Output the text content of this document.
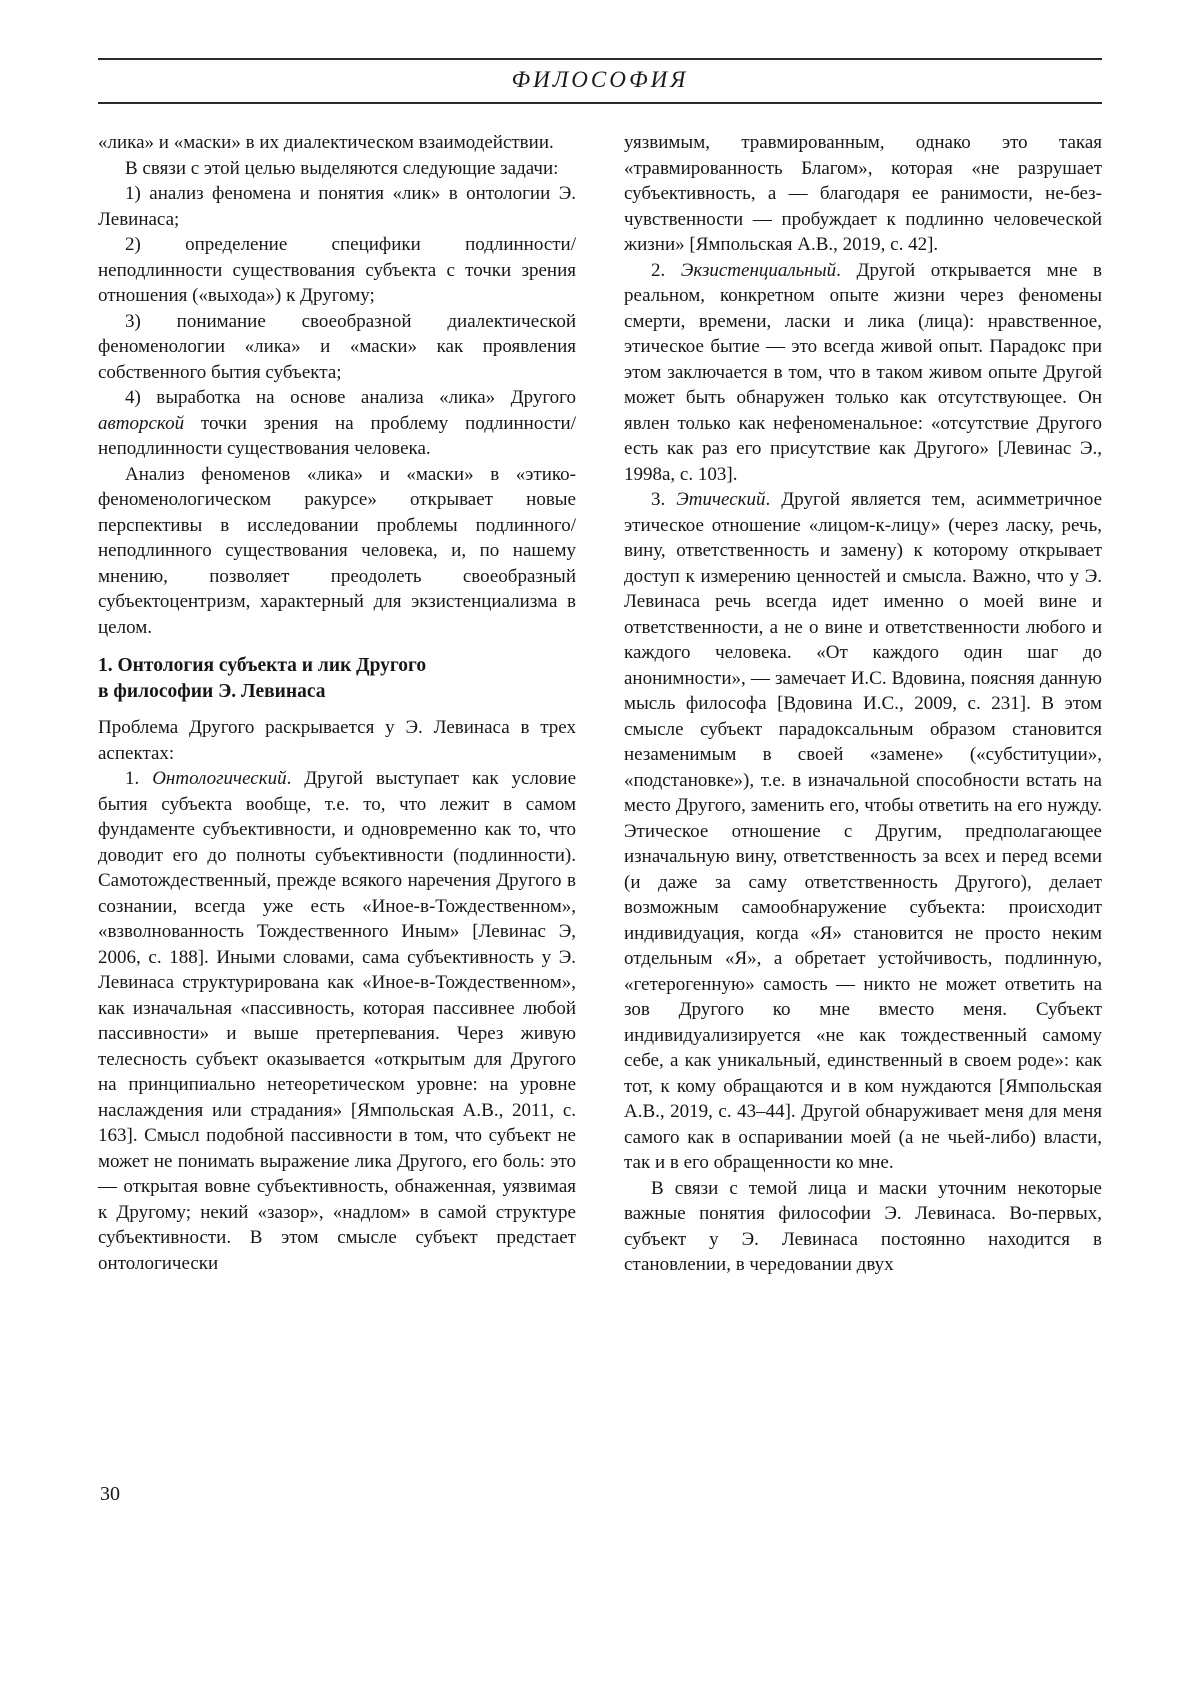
ФИЛОСОФИЯ

«лика» и «маски» в их диалектическом взаимодействии.

В связи с этой целью выделяются следующие задачи:

1) анализ феномена и понятия «лик» в онтологии Э. Левинаса;

2) определение специфики подлинности/неподлинности существования субъекта с точки зрения отношения («выхода») к Другому;

3) понимание своеобразной диалектической феноменологии «лика» и «маски» как проявления собственного бытия субъекта;

4) выработка на основе анализа «лика» Другого авторской точки зрения на проблему подлинности/неподлинности существования человека.

Анализ феноменов «лика» и «маски» в «этико-феноменологическом ракурсе» открывает новые перспективы в исследовании проблемы подлинного/неподлинного существования человека, и, по нашему мнению, позволяет преодолеть своеобразный субъектоцентризм, характерный для экзистенциализма в целом.

1. Онтология субъекта и лик Другого
в философии Э. Левинаса

Проблема Другого раскрывается у Э. Левинаса в трех аспектах:

1. Онтологический. Другой выступает как условие бытия субъекта вообще, т.е. то, что лежит в самом фундаменте субъективности, и одновременно как то, что доводит его до полноты субъективности (подлинности). Самотождественный, прежде всякого наречения Другого в сознании, всегда уже есть «Иное-в-Тождественном», «взволнованность Тождественного Иным» [Левинас Э, 2006, с. 188]. Иными словами, сама субъективность у Э. Левинаса структурирована как «Иное-в-Тождественном», как изначальная «пассивность, которая пассивнее любой пассивности» и выше претерпевания. Через живую телесность субъект оказывается «открытым для Другого на принципиально нетеоретическом уровне: на уровне наслаждения или страдания» [Ямпольская А.В., 2011, с. 163]. Смысл подобной пассивности в том, что субъект не может не понимать выражение лика Другого, его боль: это — открытая вовне субъективность, обнаженная, уязвимая к Другому; некий «зазор», «надлом» в самой структуре субъективности. В этом смысле субъект предстает онтологически

уязвимым, травмированным, однако это такая «травмированность Благом», которая «не разрушает субъективность, а — благодаря ее ранимости, не-без-чувственности — пробуждает к подлинно человеческой жизни» [Ямпольская А.В., 2019, с. 42].

2. Экзистенциальный. Другой открывается мне в реальном, конкретном опыте жизни через феномены смерти, времени, ласки и лика (лица): нравственное, этическое бытие — это всегда живой опыт. Парадокс при этом заключается в том, что в таком живом опыте Другой может быть обнаружен только как отсутствующее. Он явлен только как нефеноменальное: «отсутствие Другого есть как раз его присутствие как Другого» [Левинас Э., 1998а, с. 103].

3. Этический. Другой является тем, асимметричное этическое отношение «лицом-к-лицу» (через ласку, речь, вину, ответственность и замену) к которому открывает доступ к измерению ценностей и смысла. Важно, что у Э. Левинаса речь всегда идет именно о моей вине и ответственности, а не о вине и ответственности любого и каждого человека. «От каждого один шаг до анонимности», — замечает И.С. Вдовина, поясняя данную мысль философа [Вдовина И.С., 2009, с. 231]. В этом смысле субъект парадоксальным образом становится незаменимым в своей «замене» («субституции», «подстановке»), т.е. в изначальной способности встать на место Другого, заменить его, чтобы ответить на его нужду. Этическое отношение с Другим, предполагающее изначальную вину, ответственность за всех и перед всеми (и даже за саму ответственность Другого), делает возможным самообнаружение субъекта: происходит индивидуация, когда «Я» становится не просто неким отдельным «Я», а обретает устойчивость, подлинную, «гетерогенную» самость — никто не может ответить на зов Другого ко мне вместо меня. Субъект индивидуализируется «не как тождественный самому себе, а как уникальный, единственный в своем роде»: как тот, к кому обращаются и в ком нуждаются [Ямпольская А.В., 2019, с. 43–44]. Другой обнаруживает меня для меня самого как в оспаривании моей (а не чьей-либо) власти, так и в его обращенности ко мне.

В связи с темой лица и маски уточним некоторые важные понятия философии Э. Левинаса. Во-первых, субъект у Э. Левинаса постоянно находится в становлении, в чередовании двух

30
